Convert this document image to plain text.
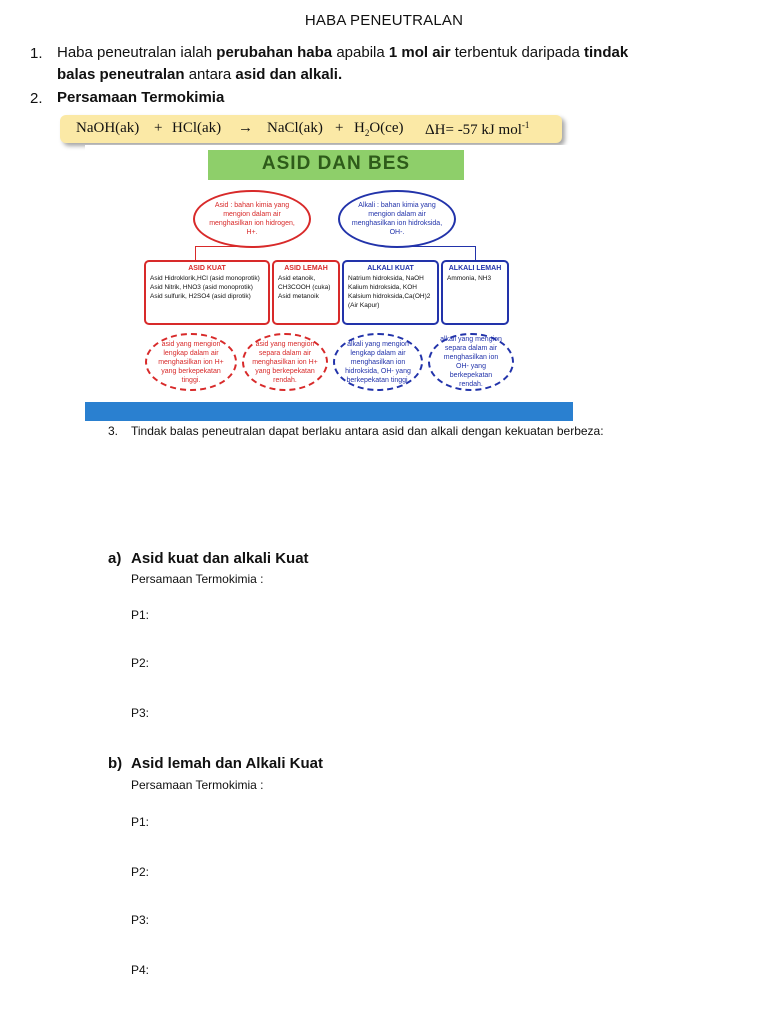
HABA PENEUTRALAN
1. Haba peneutralan ialah perubahan haba apabila 1 mol air terbentuk daripada tindak
balas peneutralan antara asid dan alkali.
2. Persamaan Termokimia
NaOH(ak) + HCl(ak) → NaCl(ak) + $H_2O(ce)$ ΔH= -57 kJ mol$^{-1}$
ASID DAN BES
Asid : bahan kimia yang mengion dalam air menghasilkan ion hidrogen, H+.
Alkali : bahan kimia yang mengion dalam air menghasilkan ion hidroksida, OH-.
ASID KUAT
Asid Hidroklorik,HCl (asid monoprotik)
Asid Nitrik, HNO3 (asid monoprotik)
Asid sulfurik, H2SO4 (asid diprotik)
ASID LEMAH
Asid etanoik,
CH3COOH (cuka)
Asid metanoik
ALKALI KUAT
Natrium hidroksida, NaOH
Kalium hidroksida, KOH
Kalsium hidroksida,Ca(OH)2
(Air Kapur)
ALKALI LEMAH
Ammonia, NH3
asid yang mengion lengkap dalam air menghasilkan ion H+ yang berkepekatan tinggi.
asid yang mengion separa dalam air menghasilkan ion H+ yang berkepekatan rendah.
alkali yang mengion lengkap dalam air menghasilkan ion hidroksida, OH- yang berkepekatan tinggi.
alkali yang mengion separa dalam air menghasilkan ion OH- yang berkepekatan rendah.
3. Tindak balas peneutralan dapat berlaku antara asid dan alkali dengan kekuatan berbeza:
a) Asid kuat dan alkali Kuat
Persamaan Termokimia :
P1:
P2:
P3:
b) Asid lemah dan Alkali Kuat
Persamaan Termokimia :
P1:
P2:
P3:
P4:
